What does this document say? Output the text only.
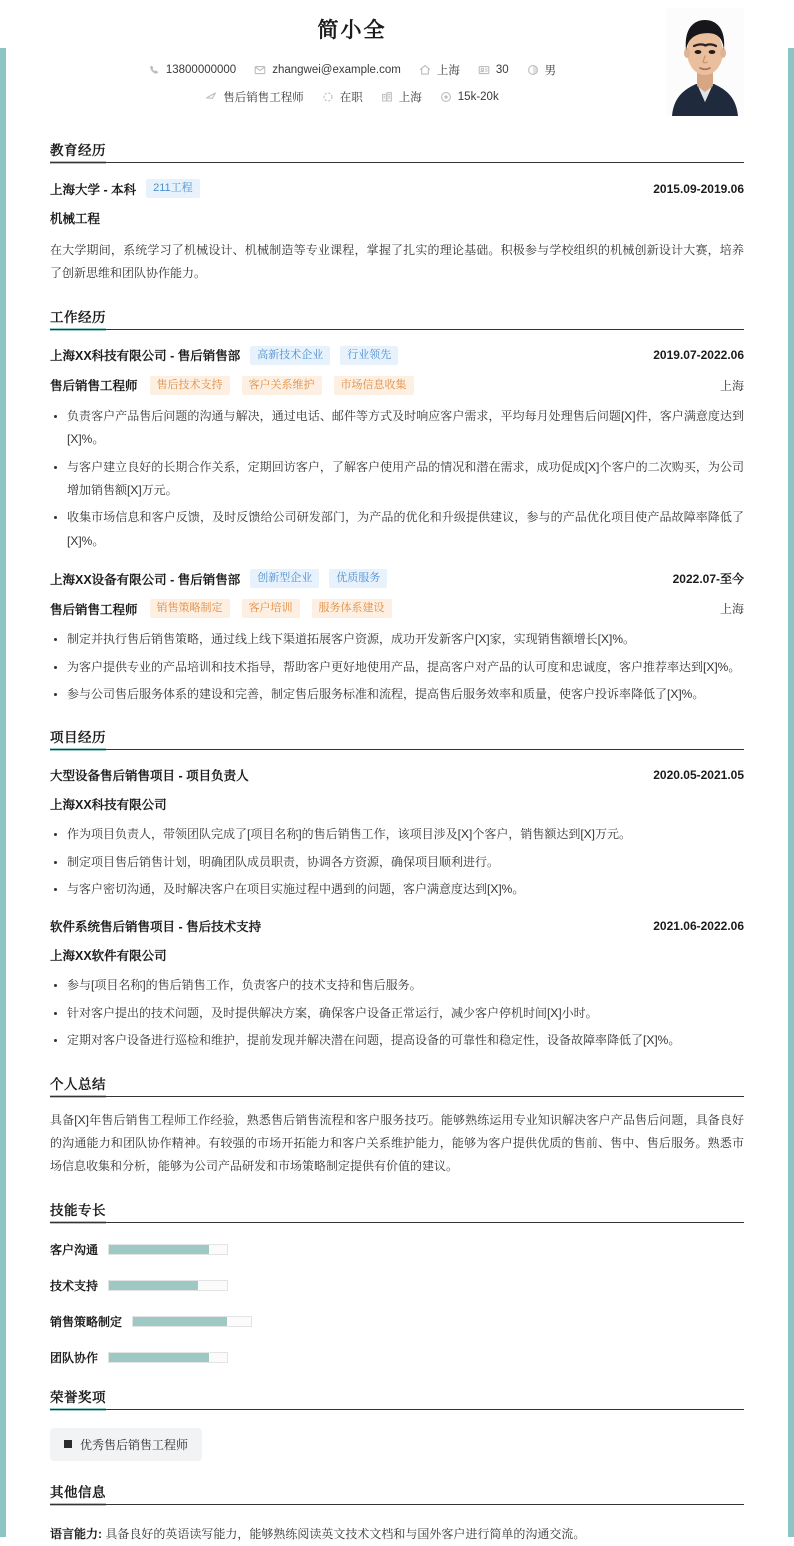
简小全
13800000000	zhangwei@example.com	上海	30	男
售后销售工程师	在职	上海	15k-20k
教育经历
上海大学 - 本科	211工程	2015.09-2019.06
机械工程
在大学期间，系统学习了机械设计、机械制造等专业课程，掌握了扎实的理论基础。积极参与学校组织的机械创新设计大赛，培养了创新思维和团队协作能力。
工作经历
上海XX科技有限公司 - 售后销售部	高新技术企业	行业领先	2019.07-2022.06
售后销售工程师	售后技术支持	客户关系维护	市场信息收集	上海
负责客户产品售后问题的沟通与解决，通过电话、邮件等方式及时响应客户需求，平均每月处理售后问题[X]件，客户满意度达到[X]%。
与客户建立良好的长期合作关系，定期回访客户，了解客户使用产品的情况和潜在需求，成功促成[X]个客户的二次购买，为公司增加销售额[X]万元。
收集市场信息和客户反馈，及时反馈给公司研发部门，为产品的优化和升级提供建议，参与的产品优化项目使产品故障率降低了[X]%。
上海XX设备有限公司 - 售后销售部	创新型企业	优质服务	2022.07-至今
售后销售工程师	销售策略制定	客户培训	服务体系建设	上海
制定并执行售后销售策略，通过线上线下渠道拓展客户资源，成功开发新客户[X]家，实现销售额增长[X]%。
为客户提供专业的产品培训和技术指导，帮助客户更好地使用产品，提高客户对产品的认可度和忠诚度，客户推荐率达到[X]%。
参与公司售后服务体系的建设和完善，制定售后服务标准和流程，提高售后服务效率和质量，使客户投诉率降低了[X]%。
项目经历
大型设备售后销售项目 - 项目负责人	2020.05-2021.05
上海XX科技有限公司
作为项目负责人，带领团队完成了[项目名称]的售后销售工作，该项目涉及[X]个客户，销售额达到[X]万元。
制定项目售后销售计划，明确团队成员职责，协调各方资源，确保项目顺利进行。
与客户密切沟通，及时解决客户在项目实施过程中遇到的问题，客户满意度达到[X]%。
软件系统售后销售项目 - 售后技术支持	2021.06-2022.06
上海XX软件有限公司
参与[项目名称]的售后销售工作，负责客户的技术支持和售后服务。
针对客户提出的技术问题，及时提供解决方案，确保客户设备正常运行，减少客户停机时间[X]小时。
定期对客户设备进行巡检和维护，提前发现并解决潜在问题，提高设备的可靠性和稳定性，设备故障率降低了[X]%。
个人总结
具备[X]年售后销售工程师工作经验，熟悉售后销售流程和客户服务技巧。能够熟练运用专业知识解决客户产品售后问题，具备良好的沟通能力和团队协作精神。有较强的市场开拓能力和客户关系维护能力，能够为客户提供优质的售前、售中、售后服务。熟悉市场信息收集和分析，能够为公司产品研发和市场策略制定提供有价值的建议。
技能专长
客户沟通
技术支持
销售策略制定
团队协作
荣誉奖项
优秀售后销售工程师
其他信息
语言能力: 具备良好的英语读写能力，能够熟练阅读英文技术文档和与国外客户进行简单的沟通交流。
